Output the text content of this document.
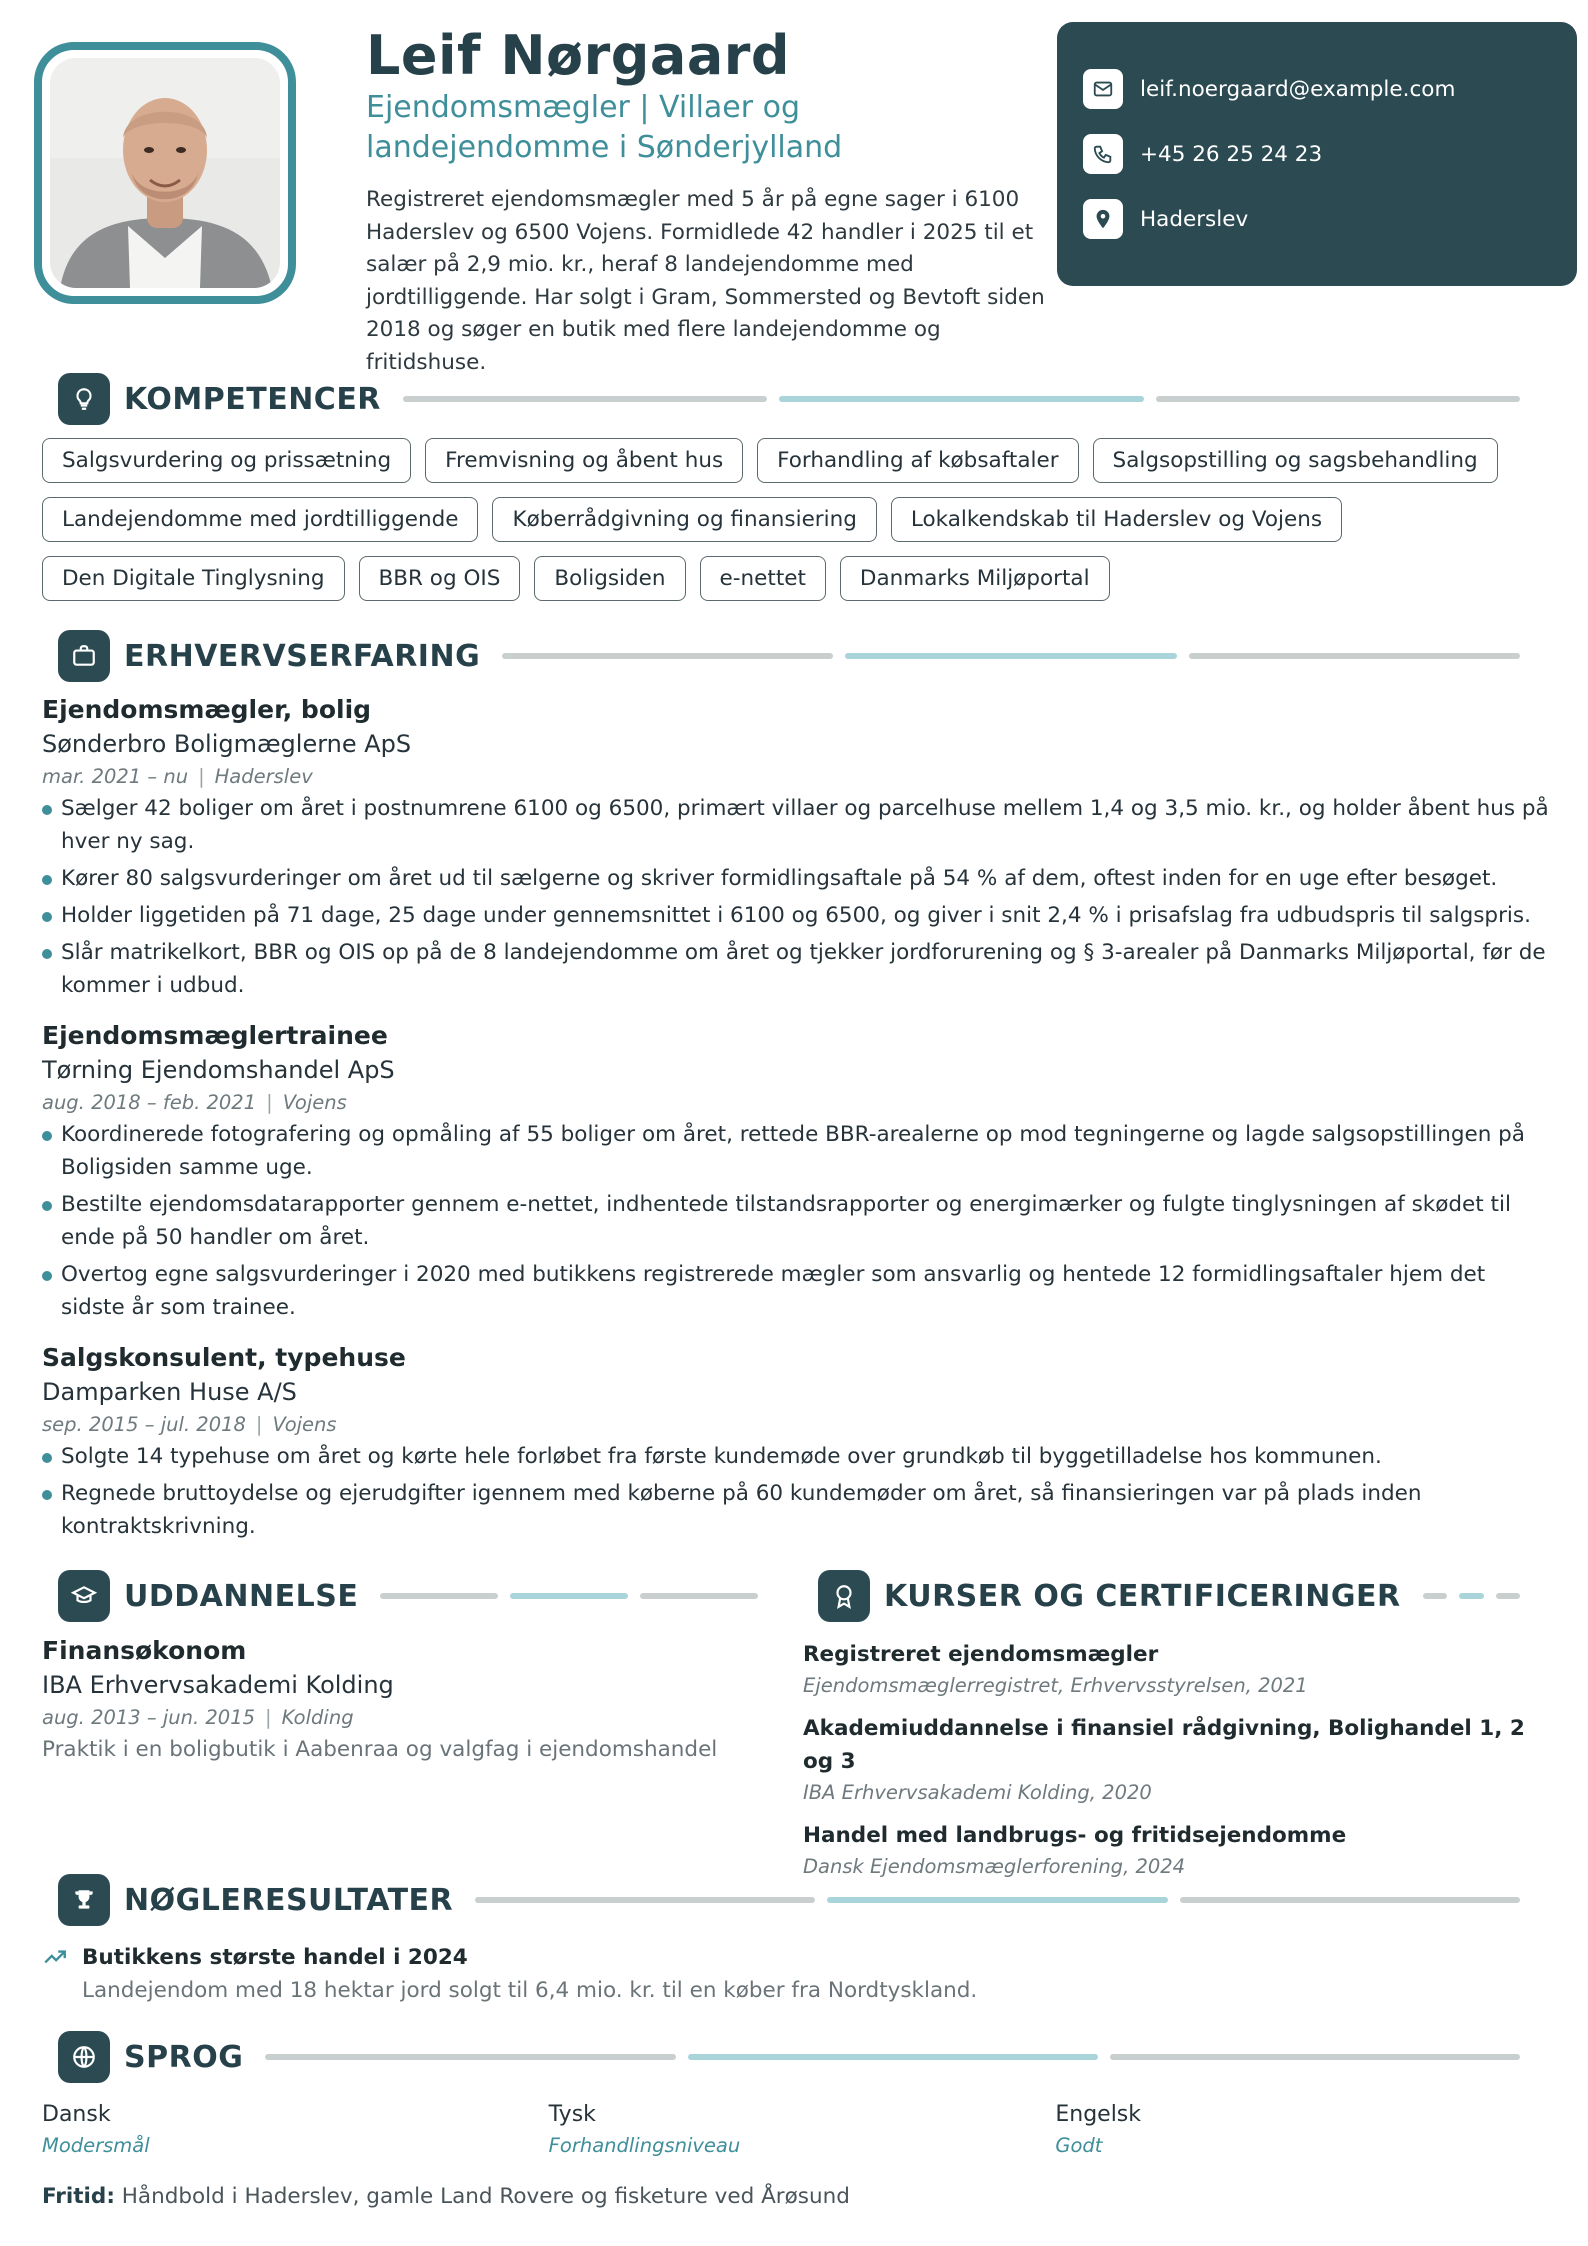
Leif Nørgaard

Ejendomsmægler | Villaer og landejendomme i Sønderjylland

Registreret ejendomsmægler med 5 år på egne sager i 6100 Haderslev og 6500 Vojens. Formidlede 42 handler i 2025 til et salær på 2,9 mio. kr., heraf 8 landejendomme med jordtilliggende. Har solgt i Gram, Sommersted og Bevtoft siden 2018 og søger en butik med flere landejendomme og fritidshuse.

leif.noergaard@example.com
+45 26 25 24 23
Haderslev
KOMPETENCER
Salgsvurdering og prissætning	Fremvisning og åbent hus	Forhandling af købsaftaler	Salgsopstilling og sagsbehandling
Landejendomme med jordtilliggende	Køberrådgivning og finansiering	Lokalkendskab til Haderslev og Vojens
Den Digitale Tinglysning	BBR og OIS	Boligsiden	e-nettet	Danmarks Miljøportal
ERHVERVSERFARING
Ejendomsmægler, bolig
Sønderbro Boligmæglerne ApS
mar. 2021 – nu | Haderslev
Sælger 42 boliger om året i postnumrene 6100 og 6500, primært villaer og parcelhuse mellem 1,4 og 3,5 mio. kr., og holder åbent hus på hver ny sag.
Kører 80 salgsvurderinger om året ud til sælgerne og skriver formidlingsaftale på 54 % af dem, oftest inden for en uge efter besøget.
Holder liggetiden på 71 dage, 25 dage under gennemsnittet i 6100 og 6500, og giver i snit 2,4 % i prisafslag fra udbudspris til salgspris.
Slår matrikelkort, BBR og OIS op på de 8 landejendomme om året og tjekker jordforurening og § 3-arealer på Danmarks Miljøportal, før de kommer i udbud.
Ejendomsmæglertrainee
Tørning Ejendomshandel ApS
aug. 2018 – feb. 2021 | Vojens
Koordinerede fotografering og opmåling af 55 boliger om året, rettede BBR-arealerne op mod tegningerne og lagde salgsopstillingen på Boligsiden samme uge.
Bestilte ejendomsdatarapporter gennem e-nettet, indhentede tilstandsrapporter og energimærker og fulgte tinglysningen af skødet til ende på 50 handler om året.
Overtog egne salgsvurderinger i 2020 med butikkens registrerede mægler som ansvarlig og hentede 12 formidlingsaftaler hjem det sidste år som trainee.
Salgskonsulent, typehuse
Damparken Huse A/S
sep. 2015 – jul. 2018 | Vojens
Solgte 14 typehuse om året og kørte hele forløbet fra første kundemøde over grundkøb til byggetilladelse hos kommunen.
Regnede bruttoydelse og ejerudgifter igennem med køberne på 60 kundemøder om året, så finansieringen var på plads inden kontraktskrivning.
UDDANNELSE
Finansøkonom
IBA Erhvervsakademi Kolding
aug. 2013 – jun. 2015 | Kolding
Praktik i en boligbutik i Aabenraa og valgfag i ejendomshandel
KURSER OG CERTIFICERINGER
Registreret ejendomsmægler
Ejendomsmæglerregistret, Erhvervsstyrelsen, 2021
Akademiuddannelse i finansiel rådgivning, Bolighandel 1, 2 og 3
IBA Erhvervsakademi Kolding, 2020
Handel med landbrugs- og fritidsejendomme
Dansk Ejendomsmæglerforening, 2024
NØGLERESULTATER
Butikkens største handel i 2024
Landejendom med 18 hektar jord solgt til 6,4 mio. kr. til en køber fra Nordtyskland.
SPROG
Dansk
Modersmål
Tysk
Forhandlingsniveau
Engelsk
Godt
Fritid: Håndbold i Haderslev, gamle Land Rovere og fisketure ved Årøsund
